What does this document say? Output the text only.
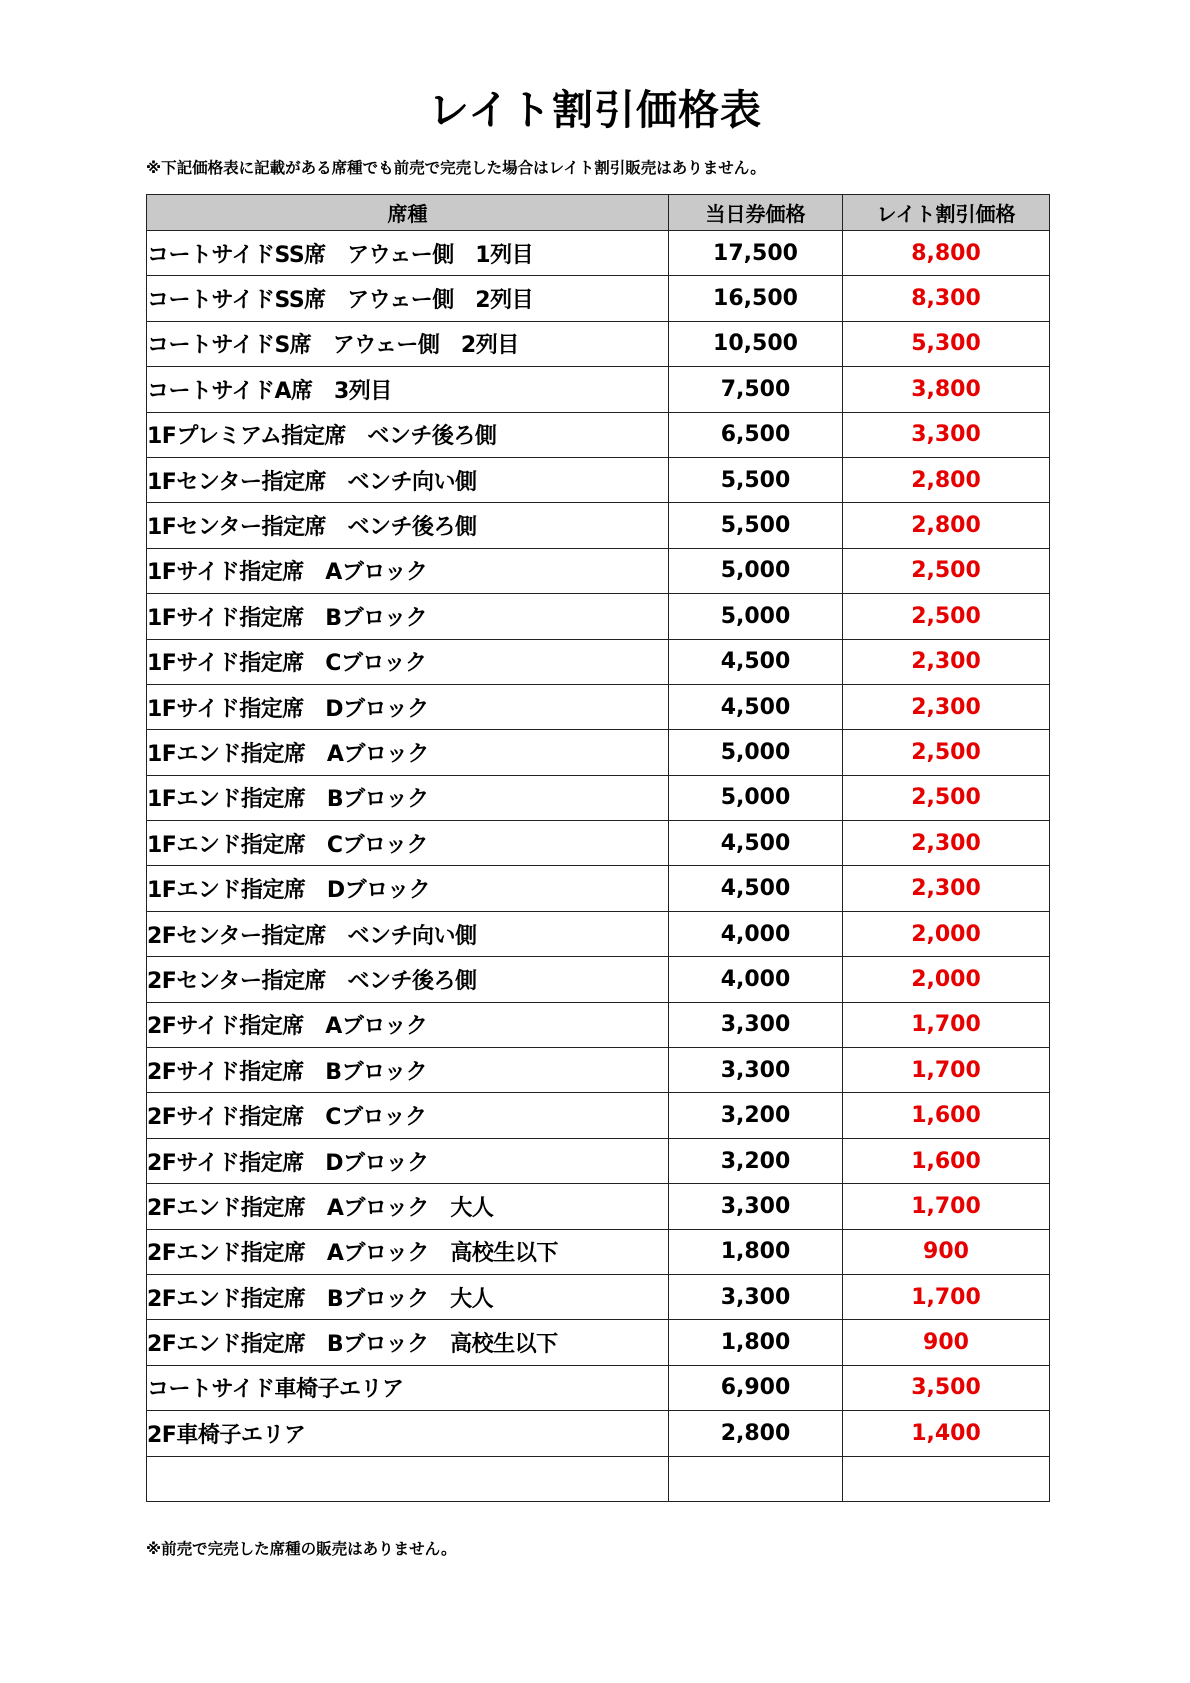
レイト割引価格表
※下記価格表に記載がある席種でも前売で完売した場合はレイト割引販売はありません。
席種	当日券価格	レイト割引価格
コートサイドSS席　アウェー側　1列目	17,500	8,800
コートサイドSS席　アウェー側　2列目	16,500	8,300
コートサイドS席　アウェー側　2列目	10,500	5,300
コートサイドA席　3列目	7,500	3,800
1Fプレミアム指定席　ベンチ後ろ側	6,500	3,300
1Fセンター指定席　ベンチ向い側	5,500	2,800
1Fセンター指定席　ベンチ後ろ側	5,500	2,800
1Fサイド指定席　Aブロック	5,000	2,500
1Fサイド指定席　Bブロック	5,000	2,500
1Fサイド指定席　Cブロック	4,500	2,300
1Fサイド指定席　Dブロック	4,500	2,300
1Fエンド指定席　Aブロック	5,000	2,500
1Fエンド指定席　Bブロック	5,000	2,500
1Fエンド指定席　Cブロック	4,500	2,300
1Fエンド指定席　Dブロック	4,500	2,300
2Fセンター指定席　ベンチ向い側	4,000	2,000
2Fセンター指定席　ベンチ後ろ側	4,000	2,000
2Fサイド指定席　Aブロック	3,300	1,700
2Fサイド指定席　Bブロック	3,300	1,700
2Fサイド指定席　Cブロック	3,200	1,600
2Fサイド指定席　Dブロック	3,200	1,600
2Fエンド指定席　Aブロック　大人	3,300	1,700
2Fエンド指定席　Aブロック　高校生以下	1,800	900
2Fエンド指定席　Bブロック　大人	3,300	1,700
2Fエンド指定席　Bブロック　高校生以下	1,800	900
コートサイド車椅子エリア	6,900	3,500
2F車椅子エリア	2,800	1,400

※前売で完売した席種の販売はありません。
